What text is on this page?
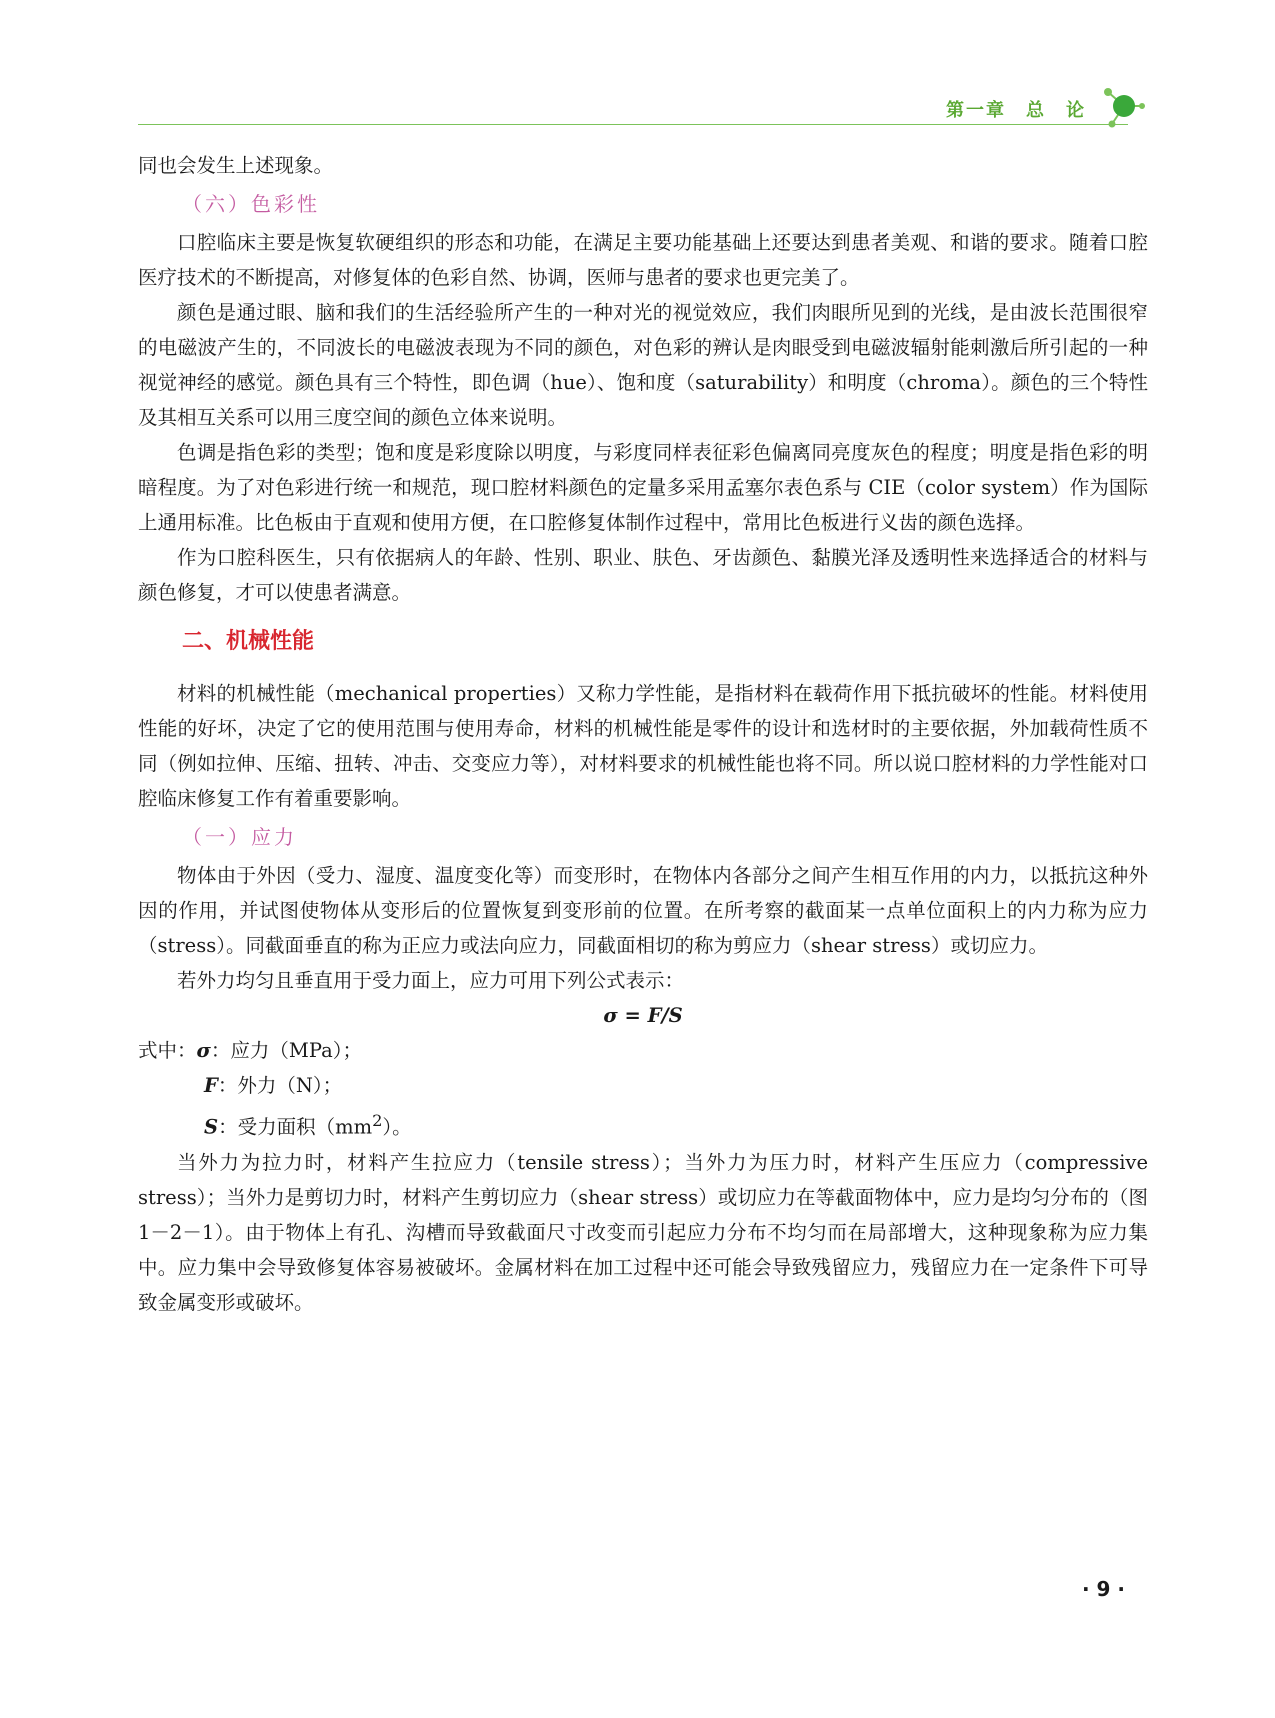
第一章　总　论

同也会发生上述现象。

（六）色彩性

口腔临床主要是恢复软硬组织的形态和功能，在满足主要功能基础上还要达到患者美观、和谐的要求。随着口腔医疗技术的不断提高，对修复体的色彩自然、协调，医师与患者的要求也更完美了。

颜色是通过眼、脑和我们的生活经验所产生的一种对光的视觉效应，我们肉眼所见到的光线，是由波长范围很窄的电磁波产生的，不同波长的电磁波表现为不同的颜色，对色彩的辨认是肉眼受到电磁波辐射能刺激后所引起的一种视觉神经的感觉。颜色具有三个特性，即色调（hue）、饱和度（saturability）和明度（chroma）。颜色的三个特性及其相互关系可以用三度空间的颜色立体来说明。

色调是指色彩的类型；饱和度是彩度除以明度，与彩度同样表征彩色偏离同亮度灰色的程度；明度是指色彩的明暗程度。为了对色彩进行统一和规范，现口腔材料颜色的定量多采用孟塞尔表色系与 CIE（color system）作为国际上通用标准。比色板由于直观和使用方便，在口腔修复体制作过程中，常用比色板进行义齿的颜色选择。

作为口腔科医生，只有依据病人的年龄、性别、职业、肤色、牙齿颜色、黏膜光泽及透明性来选择适合的材料与颜色修复，才可以使患者满意。

二、机械性能

材料的机械性能（mechanical properties）又称力学性能，是指材料在载荷作用下抵抗破坏的性能。材料使用性能的好坏，决定了它的使用范围与使用寿命，材料的机械性能是零件的设计和选材时的主要依据，外加载荷性质不同（例如拉伸、压缩、扭转、冲击、交变应力等），对材料要求的机械性能也将不同。所以说口腔材料的力学性能对口腔临床修复工作有着重要影响。

（一）应力

物体由于外因（受力、湿度、温度变化等）而变形时，在物体内各部分之间产生相互作用的内力，以抵抗这种外因的作用，并试图使物体从变形后的位置恢复到变形前的位置。在所考察的截面某一点单位面积上的内力称为应力（stress）。同截面垂直的称为正应力或法向应力，同截面相切的称为剪应力（shear stress）或切应力。

若外力均匀且垂直用于受力面上，应力可用下列公式表示：

σ = F/S

式中：σ：应力（MPa）；
F：外力（N）；
S：受力面积$(mm^2)$。

当外力为拉力时，材料产生拉应力（tensile stress）；当外力为压力时，材料产生压应力（compressive stress）；当外力是剪切力时，材料产生剪切应力（shear stress）或切应力在等截面物体中，应力是均匀分布的（图 1－2－1）。由于物体上有孔、沟槽而导致截面尺寸改变而引起应力分布不均匀而在局部增大，这种现象称为应力集中。应力集中会导致修复体容易被破坏。金属材料在加工过程中还可能会导致残留应力，残留应力在一定条件下可导致金属变形或破坏。

· 9 ·
